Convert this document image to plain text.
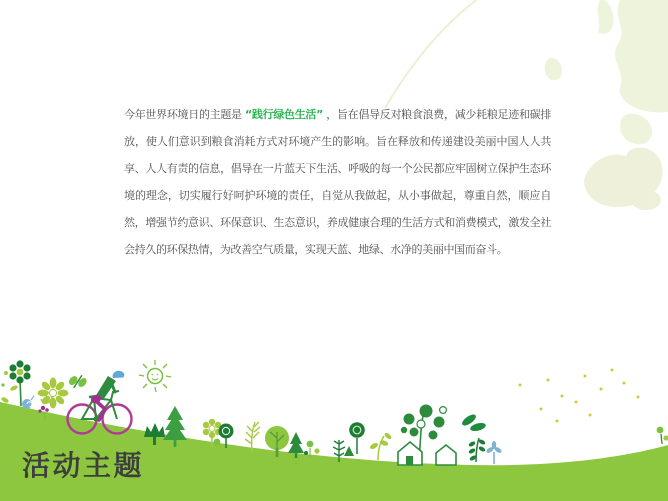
今年世界环境日的主题是 “践行绿色生活” ，旨在倡导反对粮食浪费，减少耗粮足迹和碳排放，使人们意识到粮食消耗方式对环境产生的影响。旨在释放和传递建设美丽中国人人共享、人人有责的信息，倡导在一片蓝天下生活、呼吸的每一个公民都应牢固树立保护生态环境的理念，切实履行好呵护环境的责任，自觉从我做起，从小事做起，尊重自然，顺应自然，增强节约意识、环保意识、生态意识，养成健康合理的生活方式和消费模式，激发全社会持久的环保热情，为改善空气质量，实现天蓝、地绿、水净的美丽中国而奋斗。

活动主题
